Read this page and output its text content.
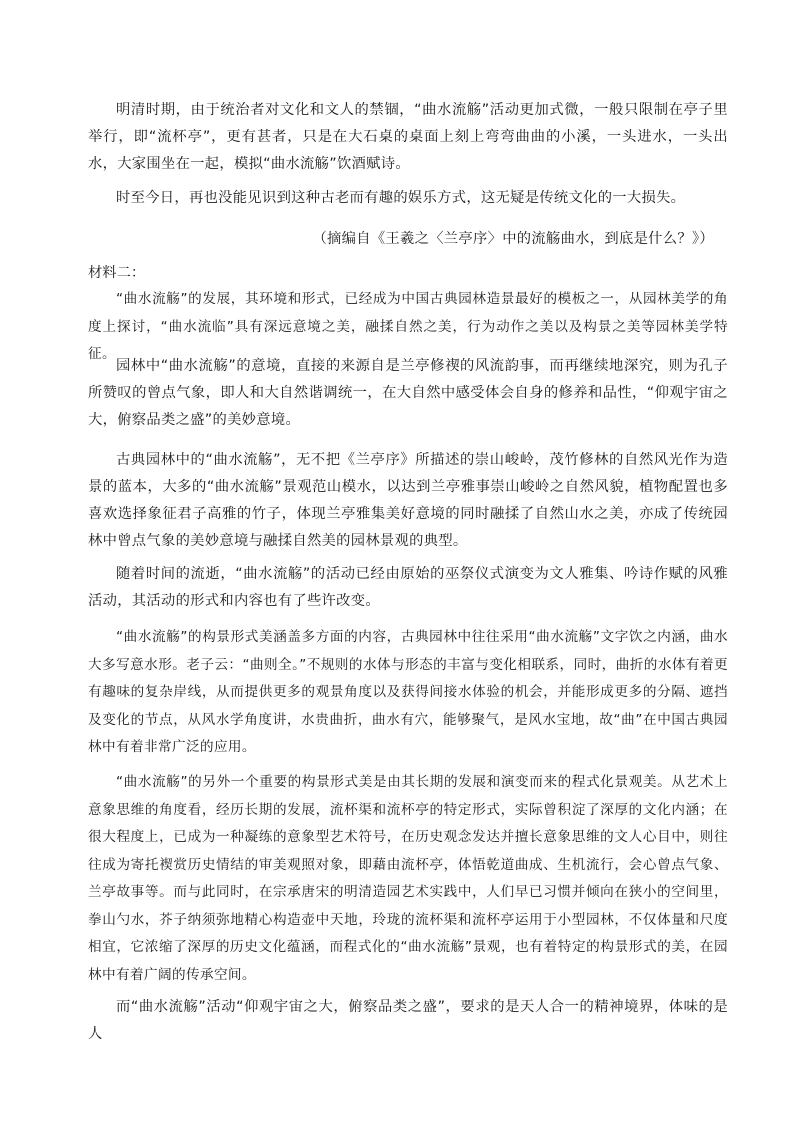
明清时期，由于统治者对文化和文人的禁锢，“曲水流觞”活动更加式微，一般只限制在亭子里举行，即“流杯亭”，更有甚者，只是在大石桌的桌面上刻上弯弯曲曲的小溪，一头进水，一头出水，大家围坐在一起，模拟“曲水流觞”饮酒赋诗。

时至今日，再也没能见识到这种古老而有趣的娱乐方式，这无疑是传统文化的一大损失。

（摘编自《王羲之〈兰亭序〉中的流觞曲水，到底是什么？》）

材料二：

“曲水流觞”的发展，其环境和形式，已经成为中国古典园林造景最好的模板之一，从园林美学的角度上探讨，“曲水流临”具有深远意境之美，融揉自然之美，行为动作之美以及构景之美等园林美学特征。

园林中“曲水流觞”的意境，直接的来源自是兰亭修禊的风流韵事，而再继续地深究，则为孔子所赞叹的曾点气象，即人和大自然谐调统一，在大自然中感受体会自身的修养和品性，“仰观宇宙之大，俯察品类之盛”的美妙意境。

古典园林中的“曲水流觞”，无不把《兰亭序》所描述的崇山峻岭，茂竹修林的自然风光作为造景的蓝本，大多的“曲水流觞”景观范山模水，以达到兰亭雅事崇山峻岭之自然风貌，植物配置也多喜欢选择象征君子高雅的竹子，体现兰亭雅集美好意境的同时融揉了自然山水之美，亦成了传统园林中曾点气象的美妙意境与融揉自然美的园林景观的典型。

随着时间的流逝，“曲水流觞”的活动已经由原始的巫祭仪式演变为文人雅集、吟诗作赋的风雅活动，其活动的形式和内容也有了些许改变。

“曲水流觞”的构景形式美涵盖多方面的内容，古典园林中往往采用“曲水流觞”文字饮之内涵，曲水大多写意水形。老子云：“曲则全。”不规则的水体与形态的丰富与变化相联系，同时，曲折的水体有着更有趣味的复杂岸线，从而提供更多的观景角度以及获得间接水体验的机会，并能形成更多的分隔、遮挡及变化的节点，从风水学角度讲，水贵曲折，曲水有穴，能够聚气，是风水宝地，故“曲”在中国古典园林中有着非常广泛的应用。

“曲水流觞”的另外一个重要的构景形式美是由其长期的发展和演变而来的程式化景观美。从艺术上意象思维的角度看，经历长期的发展，流杯渠和流杯亭的特定形式，实际曾积淀了深厚的文化内涵；在很大程度上，已成为一种凝练的意象型艺术符号，在历史观念发达并擅长意象思维的文人心目中，则往往成为寄托褉赏历史情结的审美观照对象，即藉由流杯亭，体悟乾道曲成、生机流行，会心曾点气象、兰亭故事等。而与此同时，在宗承唐宋的明清造园艺术实践中，人们早已习惯并倾向在狭小的空间里，拳山勺水，芥子纳须弥地精心构造壶中天地，玲珑的流杯渠和流杯亭运用于小型园林，不仅体量和尺度相宜，它浓缩了深厚的历史文化蕴涵，而程式化的“曲水流觞”景观，也有着特定的构景形式的美，在园林中有着广阔的传承空间。

而“曲水流觞”活动“仰观宇宙之大，俯察品类之盛”，要求的是天人合一的精神境界，体味的是人
